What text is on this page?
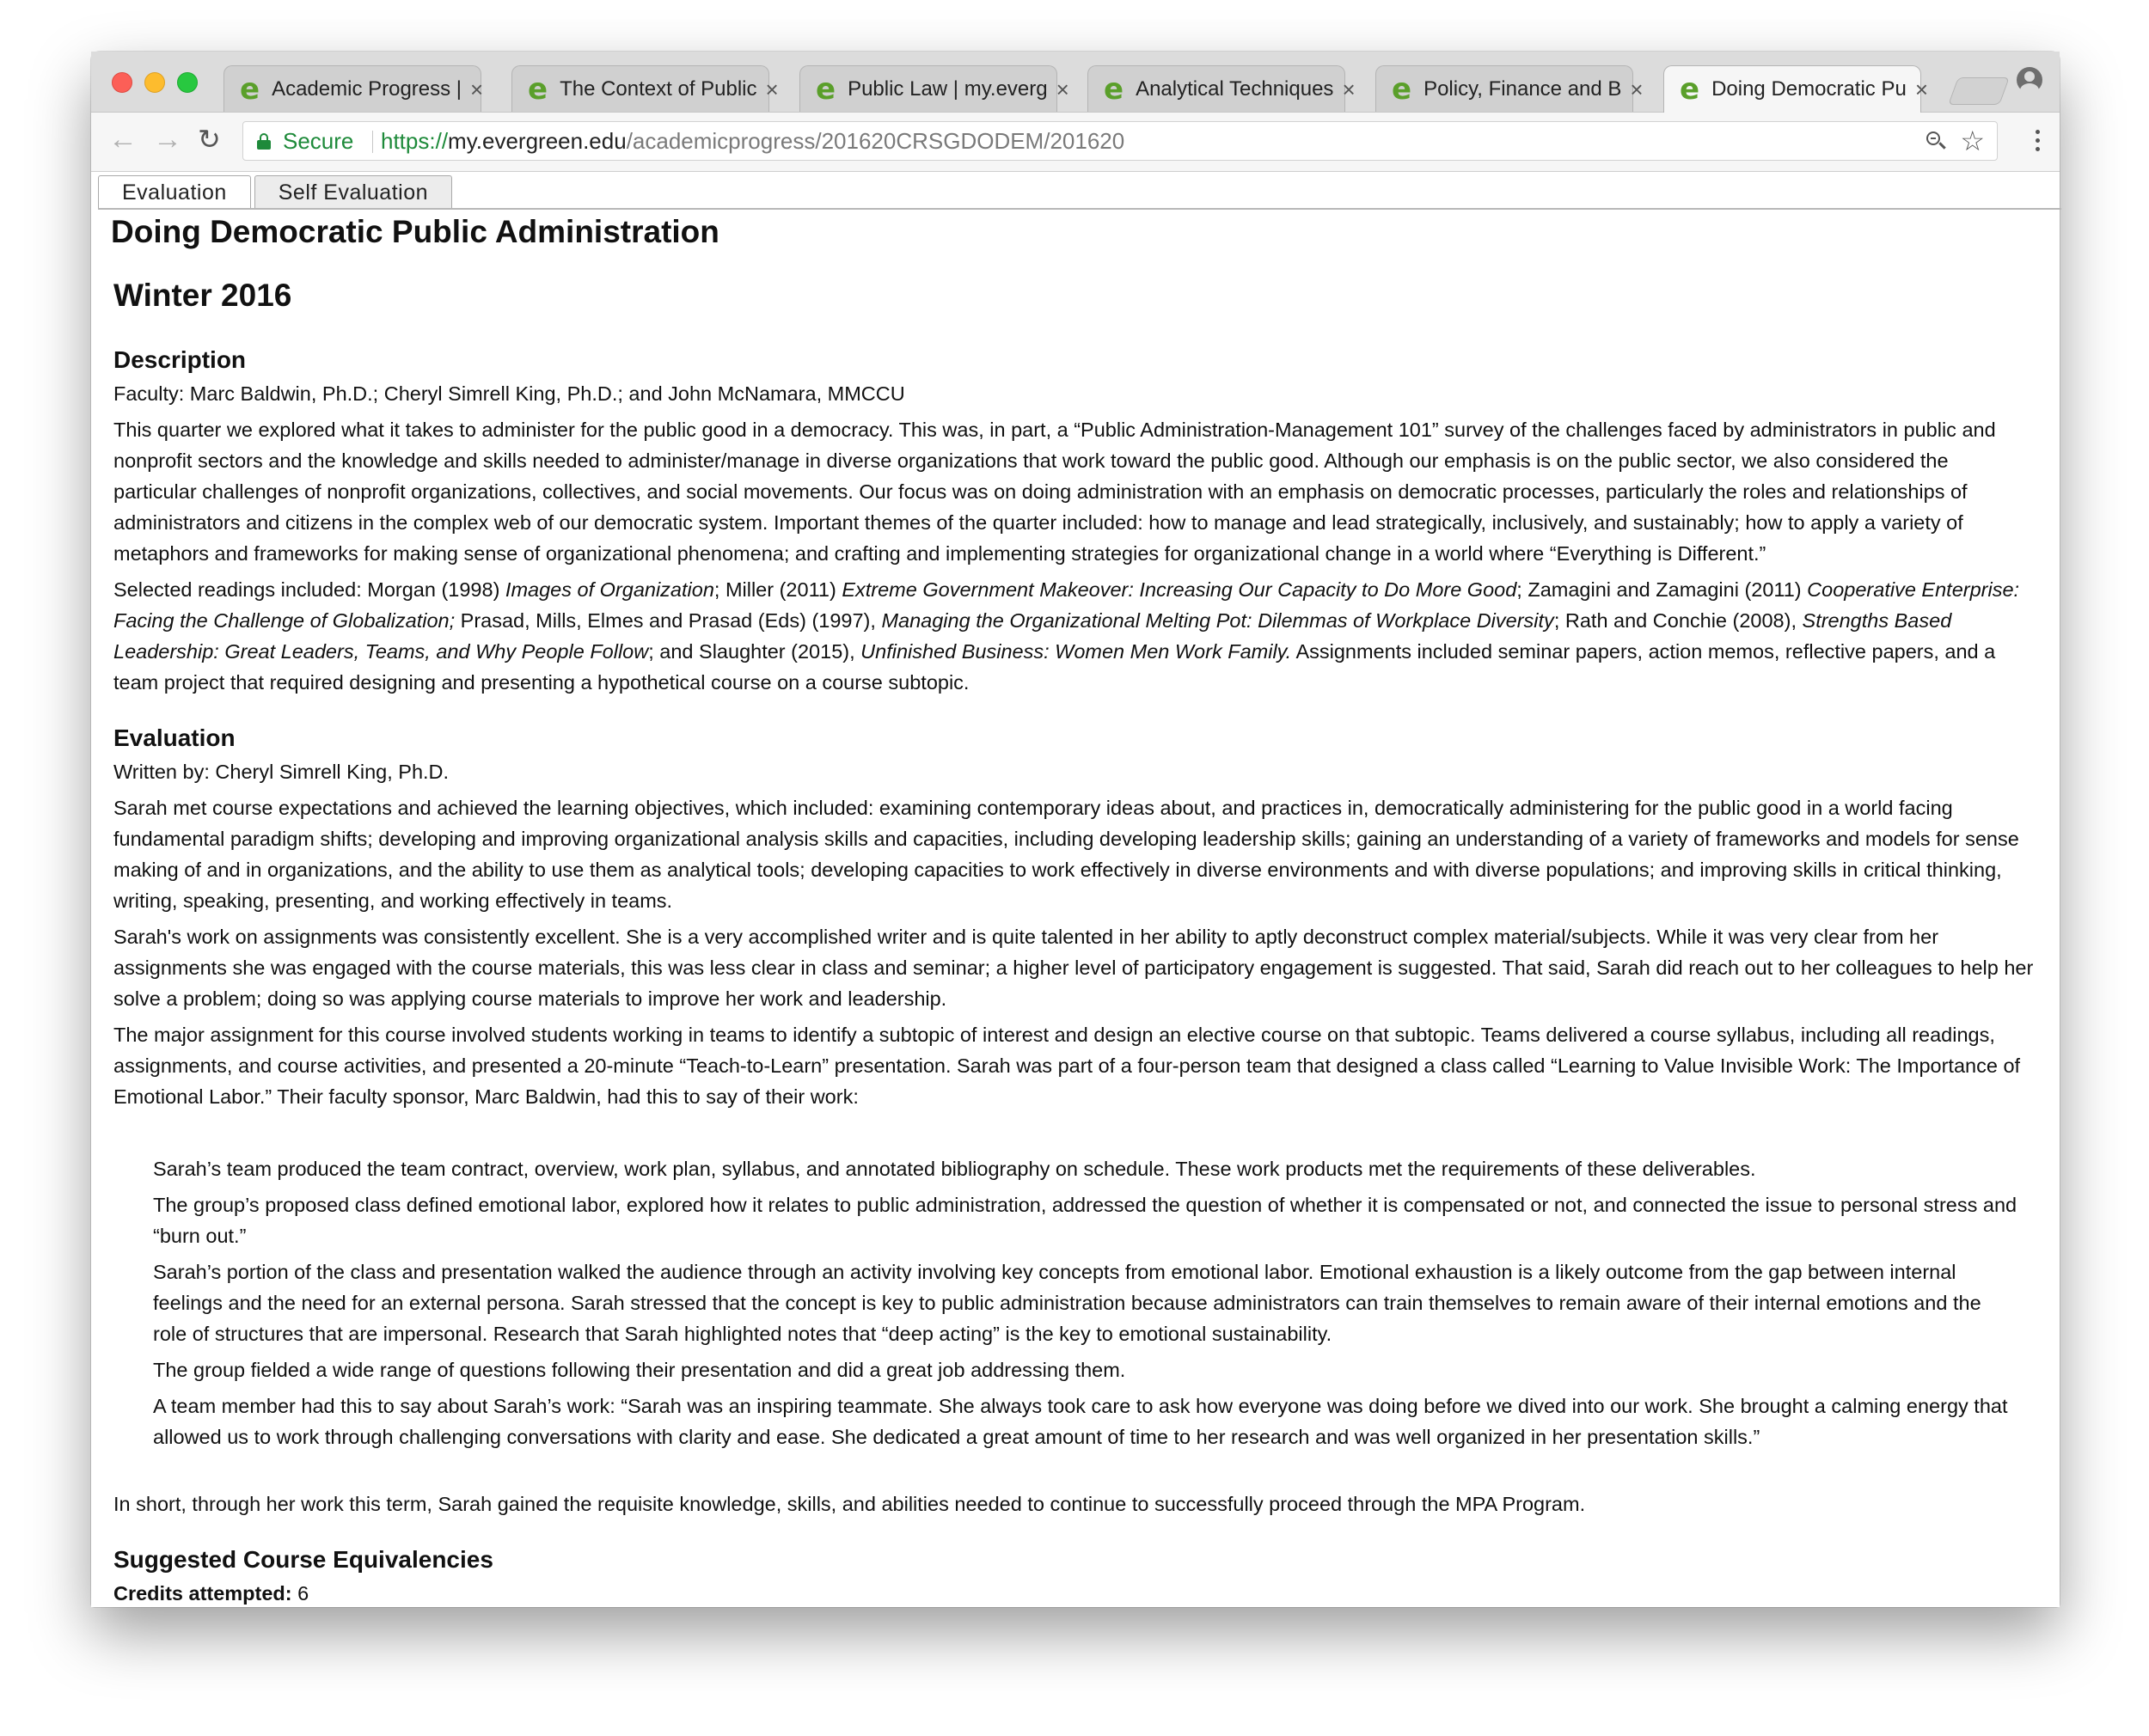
e Academic Progress | × e The Context of Public × e Public Law | my.everg × e Analytical Techniques × e Policy, Finance and B × e Doing Democratic Pu ×
← → ↻	Secure https://my.evergreen.edu/academicprogress/201620CRSGDODEM/201620	☆
Evaluation	Self Evaluation
Doing Democratic Public Administration
Winter 2016
Description

Faculty: Marc Baldwin, Ph.D.; Cheryl Simrell King, Ph.D.; and John McNamara, MMCCU

This quarter we explored what it takes to administer for the public good in a democracy. This was, in part, a “Public Administration-Management 101” survey of the challenges faced by administrators in public and nonprofit sectors and the knowledge and skills needed to administer/manage in diverse organizations that work toward the public good. Although our emphasis is on the public sector, we also considered the particular challenges of nonprofit organizations, collectives, and social movements. Our focus was on doing administration with an emphasis on democratic processes, particularly the roles and relationships of administrators and citizens in the complex web of our democratic system. Important themes of the quarter included: how to manage and lead strategically, inclusively, and sustainably; how to apply a variety of metaphors and frameworks for making sense of organizational phenomena; and crafting and implementing strategies for organizational change in a world where “Everything is Different.”

Selected readings included: Morgan (1998) Images of Organization; Miller (2011) Extreme Government Makeover: Increasing Our Capacity to Do More Good; Zamagini and Zamagini (2011) Cooperative Enterprise: Facing the Challenge of Globalization; Prasad, Mills, Elmes and Prasad (Eds) (1997), Managing the Organizational Melting Pot: Dilemmas of Workplace Diversity; Rath and Conchie (2008), Strengths Based Leadership: Great Leaders, Teams, and Why People Follow; and Slaughter (2015), Unfinished Business: Women Men Work Family. Assignments included seminar papers, action memos, reflective papers, and a team project that required designing and presenting a hypothetical course on a course subtopic.

Evaluation

Written by: Cheryl Simrell King, Ph.D.

Sarah met course expectations and achieved the learning objectives, which included: examining contemporary ideas about, and practices in, democratically administering for the public good in a world facing fundamental paradigm shifts; developing and improving organizational analysis skills and capacities, including developing leadership skills; gaining an understanding of a variety of frameworks and models for sense making of and in organizations, and the ability to use them as analytical tools; developing capacities to work effectively in diverse environments and with diverse populations; and improving skills in critical thinking, writing, speaking, presenting, and working effectively in teams.

Sarah's work on assignments was consistently excellent. She is a very accomplished writer and is quite talented in her ability to aptly deconstruct complex material/subjects. While it was very clear from her assignments she was engaged with the course materials, this was less clear in class and seminar; a higher level of participatory engagement is suggested. That said, Sarah did reach out to her colleagues to help her solve a problem; doing so was applying course materials to improve her work and leadership.

The major assignment for this course involved students working in teams to identify a subtopic of interest and design an elective course on that subtopic. Teams delivered a course syllabus, including all readings, assignments, and course activities, and presented a 20-minute “Teach-to-Learn” presentation. Sarah was part of a four-person team that designed a class called “Learning to Value Invisible Work: The Importance of Emotional Labor.” Their faculty sponsor, Marc Baldwin, had this to say of their work:

Sarah’s team produced the team contract, overview, work plan, syllabus, and annotated bibliography on schedule. These work products met the requirements of these deliverables.

The group’s proposed class defined emotional labor, explored how it relates to public administration, addressed the question of whether it is compensated or not, and connected the issue to personal stress and “burn out.”

Sarah’s portion of the class and presentation walked the audience through an activity involving key concepts from emotional labor. Emotional exhaustion is a likely outcome from the gap between internal feelings and the need for an external persona. Sarah stressed that the concept is key to public administration because administrators can train themselves to remain aware of their internal emotions and the role of structures that are impersonal. Research that Sarah highlighted notes that “deep acting” is the key to emotional sustainability.

The group fielded a wide range of questions following their presentation and did a great job addressing them.

A team member had this to say about Sarah’s work: “Sarah was an inspiring teammate. She always took care to ask how everyone was doing before we dived into our work. She brought a calming energy that allowed us to work through challenging conversations with clarity and ease. She dedicated a great amount of time to her research and was well organized in her presentation skills.”

In short, through her work this term, Sarah gained the requisite knowledge, skills, and abilities needed to continue to successfully proceed through the MPA Program.

Suggested Course Equivalencies

Credits attempted: 6
